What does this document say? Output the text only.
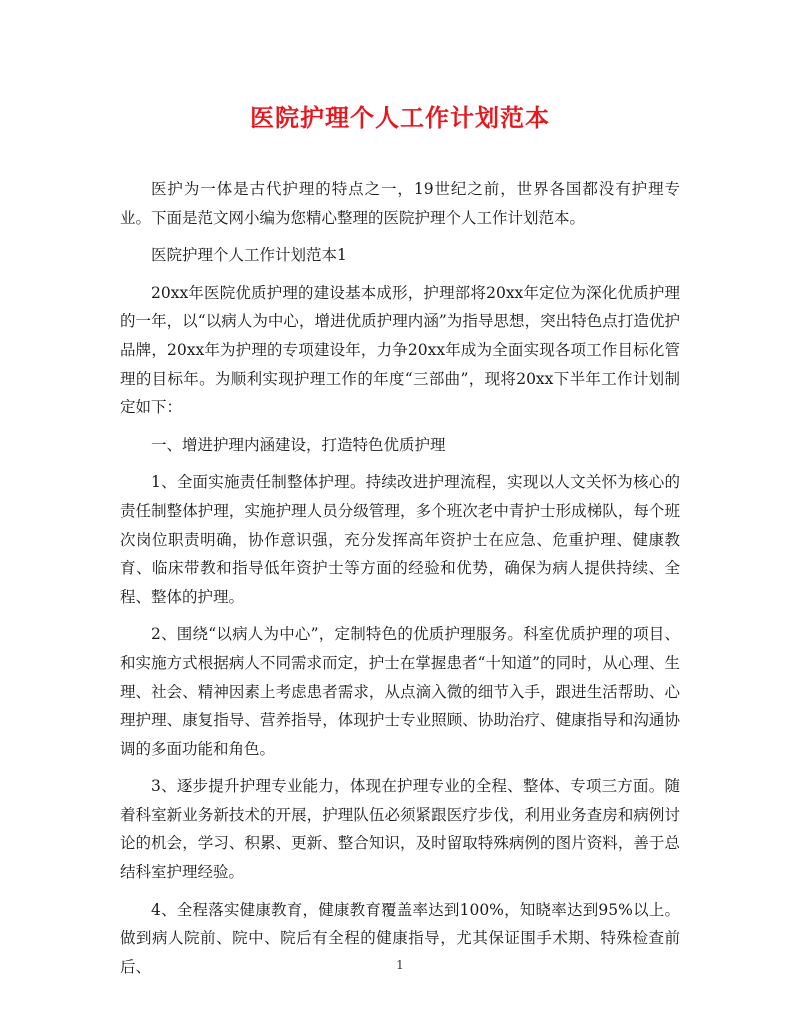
医院护理个人工作计划范本

医护为一体是古代护理的特点之一，19世纪之前，世界各国都没有护理专业。下面是范文网小编为您精心整理的医院护理个人工作计划范本。

医院护理个人工作计划范本1

20xx年医院优质护理的建设基本成形，护理部将20xx年定位为深化优质护理的一年，以“以病人为中心，增进优质护理内涵”为指导思想，突出特色点打造优护品牌，20xx年为护理的专项建设年，力争20xx年成为全面实现各项工作目标化管理的目标年。为顺利实现护理工作的年度“三部曲”，现将20xx下半年工作计划制定如下：

一、增进护理内涵建设，打造特色优质护理

1、全面实施责任制整体护理。持续改进护理流程，实现以人文关怀为核心的责任制整体护理，实施护理人员分级管理，多个班次老中青护士形成梯队，每个班次岗位职责明确，协作意识强，充分发挥高年资护士在应急、危重护理、健康教育、临床带教和指导低年资护士等方面的经验和优势，确保为病人提供持续、全程、整体的护理。

2、围绕“以病人为中心”，定制特色的优质护理服务。科室优质护理的项目、和实施方式根据病人不同需求而定，护士在掌握患者“十知道”的同时，从心理、生理、社会、精神因素上考虑患者需求，从点滴入微的细节入手，跟进生活帮助、心理护理、康复指导、营养指导，体现护士专业照顾、协助治疗、健康指导和沟通协调的多面功能和角色。

3、逐步提升护理专业能力，体现在护理专业的全程、整体、专项三方面。随着科室新业务新技术的开展，护理队伍必须紧跟医疗步伐，利用业务查房和病例讨论的机会，学习、积累、更新、整合知识，及时留取特殊病例的图片资料，善于总结科室护理经验。

4、全程落实健康教育，健康教育覆盖率达到100%，知晓率达到95%以上。做到病人院前、院中、院后有全程的健康指导，尤其保证围手术期、特殊检查前后、	1
